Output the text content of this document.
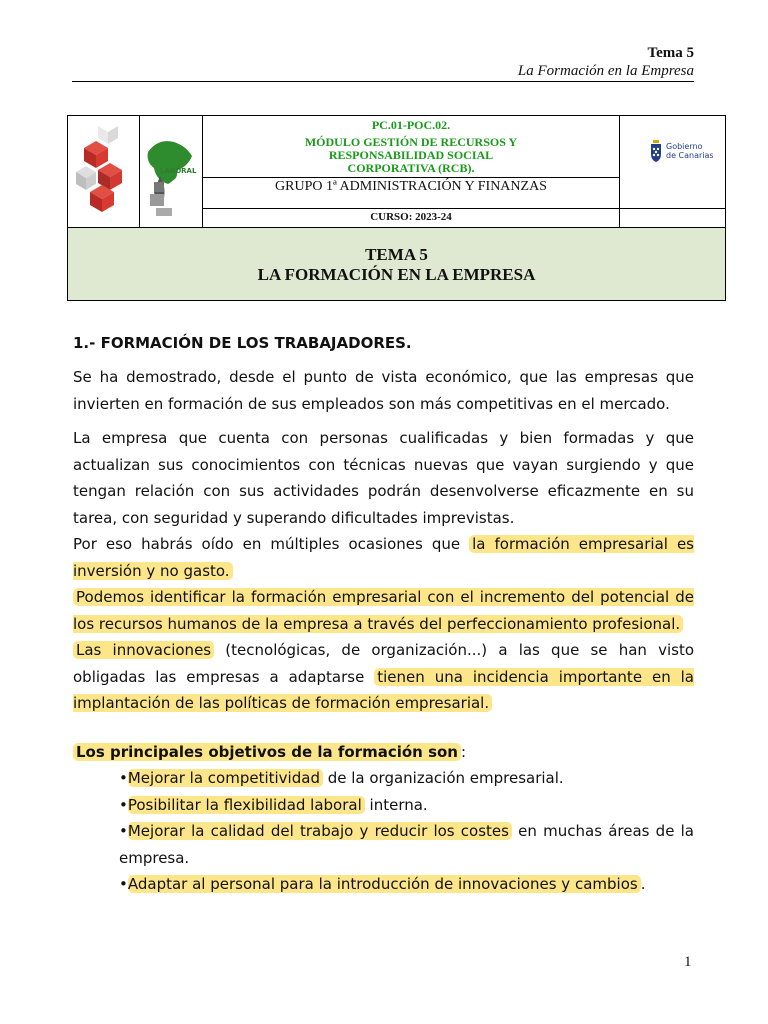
Tema 5
La Formación en la Empresa
LABORAL
PC.01-POC.02.
MÓDULO GESTIÓN DE RECURSOS Y
RESPONSABILIDAD SOCIAL
CORPORATIVA (RCB).
GRUPO 1ª ADMINISTRACIÓN Y FINANZAS
CURSO: 2023-24
Gobierno
de Canarias
TEMA 5
LA FORMACIÓN EN LA EMPRESA
1.- FORMACIÓN DE LOS TRABAJADORES.

Se ha demostrado, desde el punto de vista económico, que las empresas que invierten en formación de sus empleados son más competitivas en el mercado.

La empresa que cuenta con personas cualificadas y bien formadas y que actualizan sus conocimientos con técnicas nuevas que vayan surgiendo y que tengan relación con sus actividades podrán desenvolverse eficazmente en su tarea, con seguridad y superando dificultades imprevistas.

Por eso habrás oído en múltiples ocasiones que la formación empresarial es inversión y no gasto.

Podemos identificar la formación empresarial con el incremento del potencial de los recursos humanos de la empresa a través del perfeccionamiento profesional.

Las innovaciones (tecnológicas, de organización...) a las que se han visto obligadas las empresas a adaptarse tienen una incidencia importante en la implantación de las políticas de formación empresarial.

Los principales objetivos de la formación son :

•Mejorar la competitividad de la organización empresarial.
•Posibilitar la flexibilidad laboral interna.
•Mejorar la calidad del trabajo y reducir los costes en muchas áreas de la empresa.
•Adaptar al personal para la introducción de innovaciones y cambios .
1
